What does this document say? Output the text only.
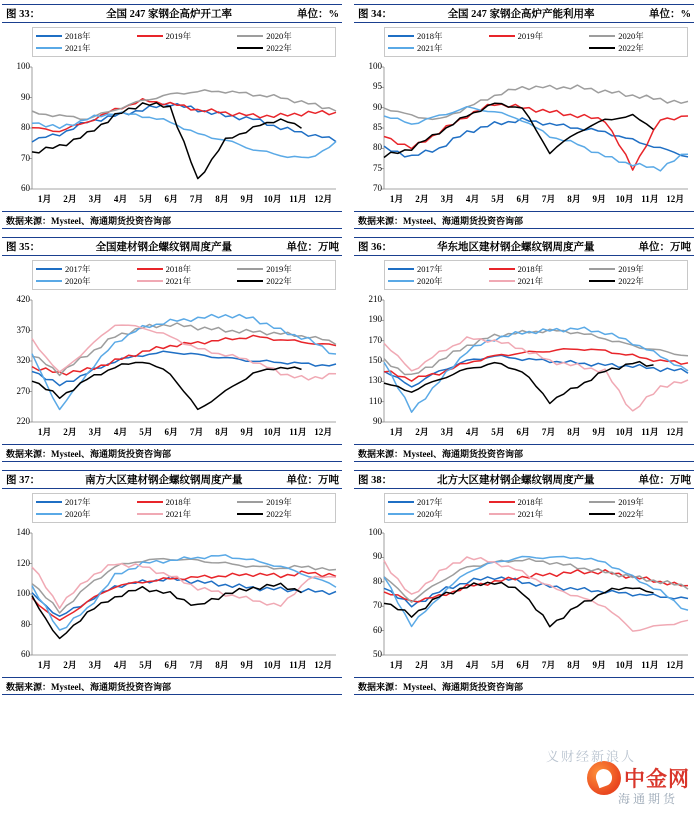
图 33：	全国 247 家钢企高炉开工率	单位：%
60
70
80
90
100
2018年	2019年	2020年
2021年	2022年
1月	2月	3月	4月	5月	6月	7月	8月	9月	10月 11月 12月
数据来源：Mysteel、海通期货投资咨询部
图 34：	全国 247 家钢企高炉产能利用率	单位：%
70
75
80
85
90
95
100
2018年	2019年	2020年
2021年	2022年
1月	2月	3月	4月	5月	6月	7月	8月	9月	10月 11月 12月
数据来源：Mysteel、海通期货投资咨询部
图 35：	全国建材钢企螺纹钢周度产量	单位：万吨
220
270
320
370
420
2017年	2018年	2019年
2020年	2021年	2022年
1月	2月	3月	4月	5月	6月	7月	8月	9月	10月 11月 12月
数据来源：Mysteel、海通期货投资咨询部
图 36：	华东地区建材钢企螺纹钢周度产量	单位：万吨
90
110
130
150
170
190
210
2017年	2018年	2019年
2020年	2021年	2022年
1月	2月	3月	4月	5月	6月	7月	8月	9月	10月 11月 12月
数据来源：Mysteel、海通期货投资咨询部
图 37：	南方大区建材钢企螺纹钢周度产量	单位：万吨
60
80
100
120
140
2017年	2018年	2019年
2020年	2021年	2022年
1月	2月	3月	4月	5月	6月	7月	8月	9月	10月 11月 12月
数据来源：Mysteel、海通期货投资咨询部
图 38：	北方大区建材钢企螺纹钢周度产量	单位：万吨
50
60
70
80
90
100
2017年	2018年	2019年
2020年	2021年	2022年
1月	2月	3月	4月	5月	6月	7月	8月	9月	10月 11月 12月
数据来源：Mysteel、海通期货投资咨询部
中金网
海通期货
义财经新浪人
